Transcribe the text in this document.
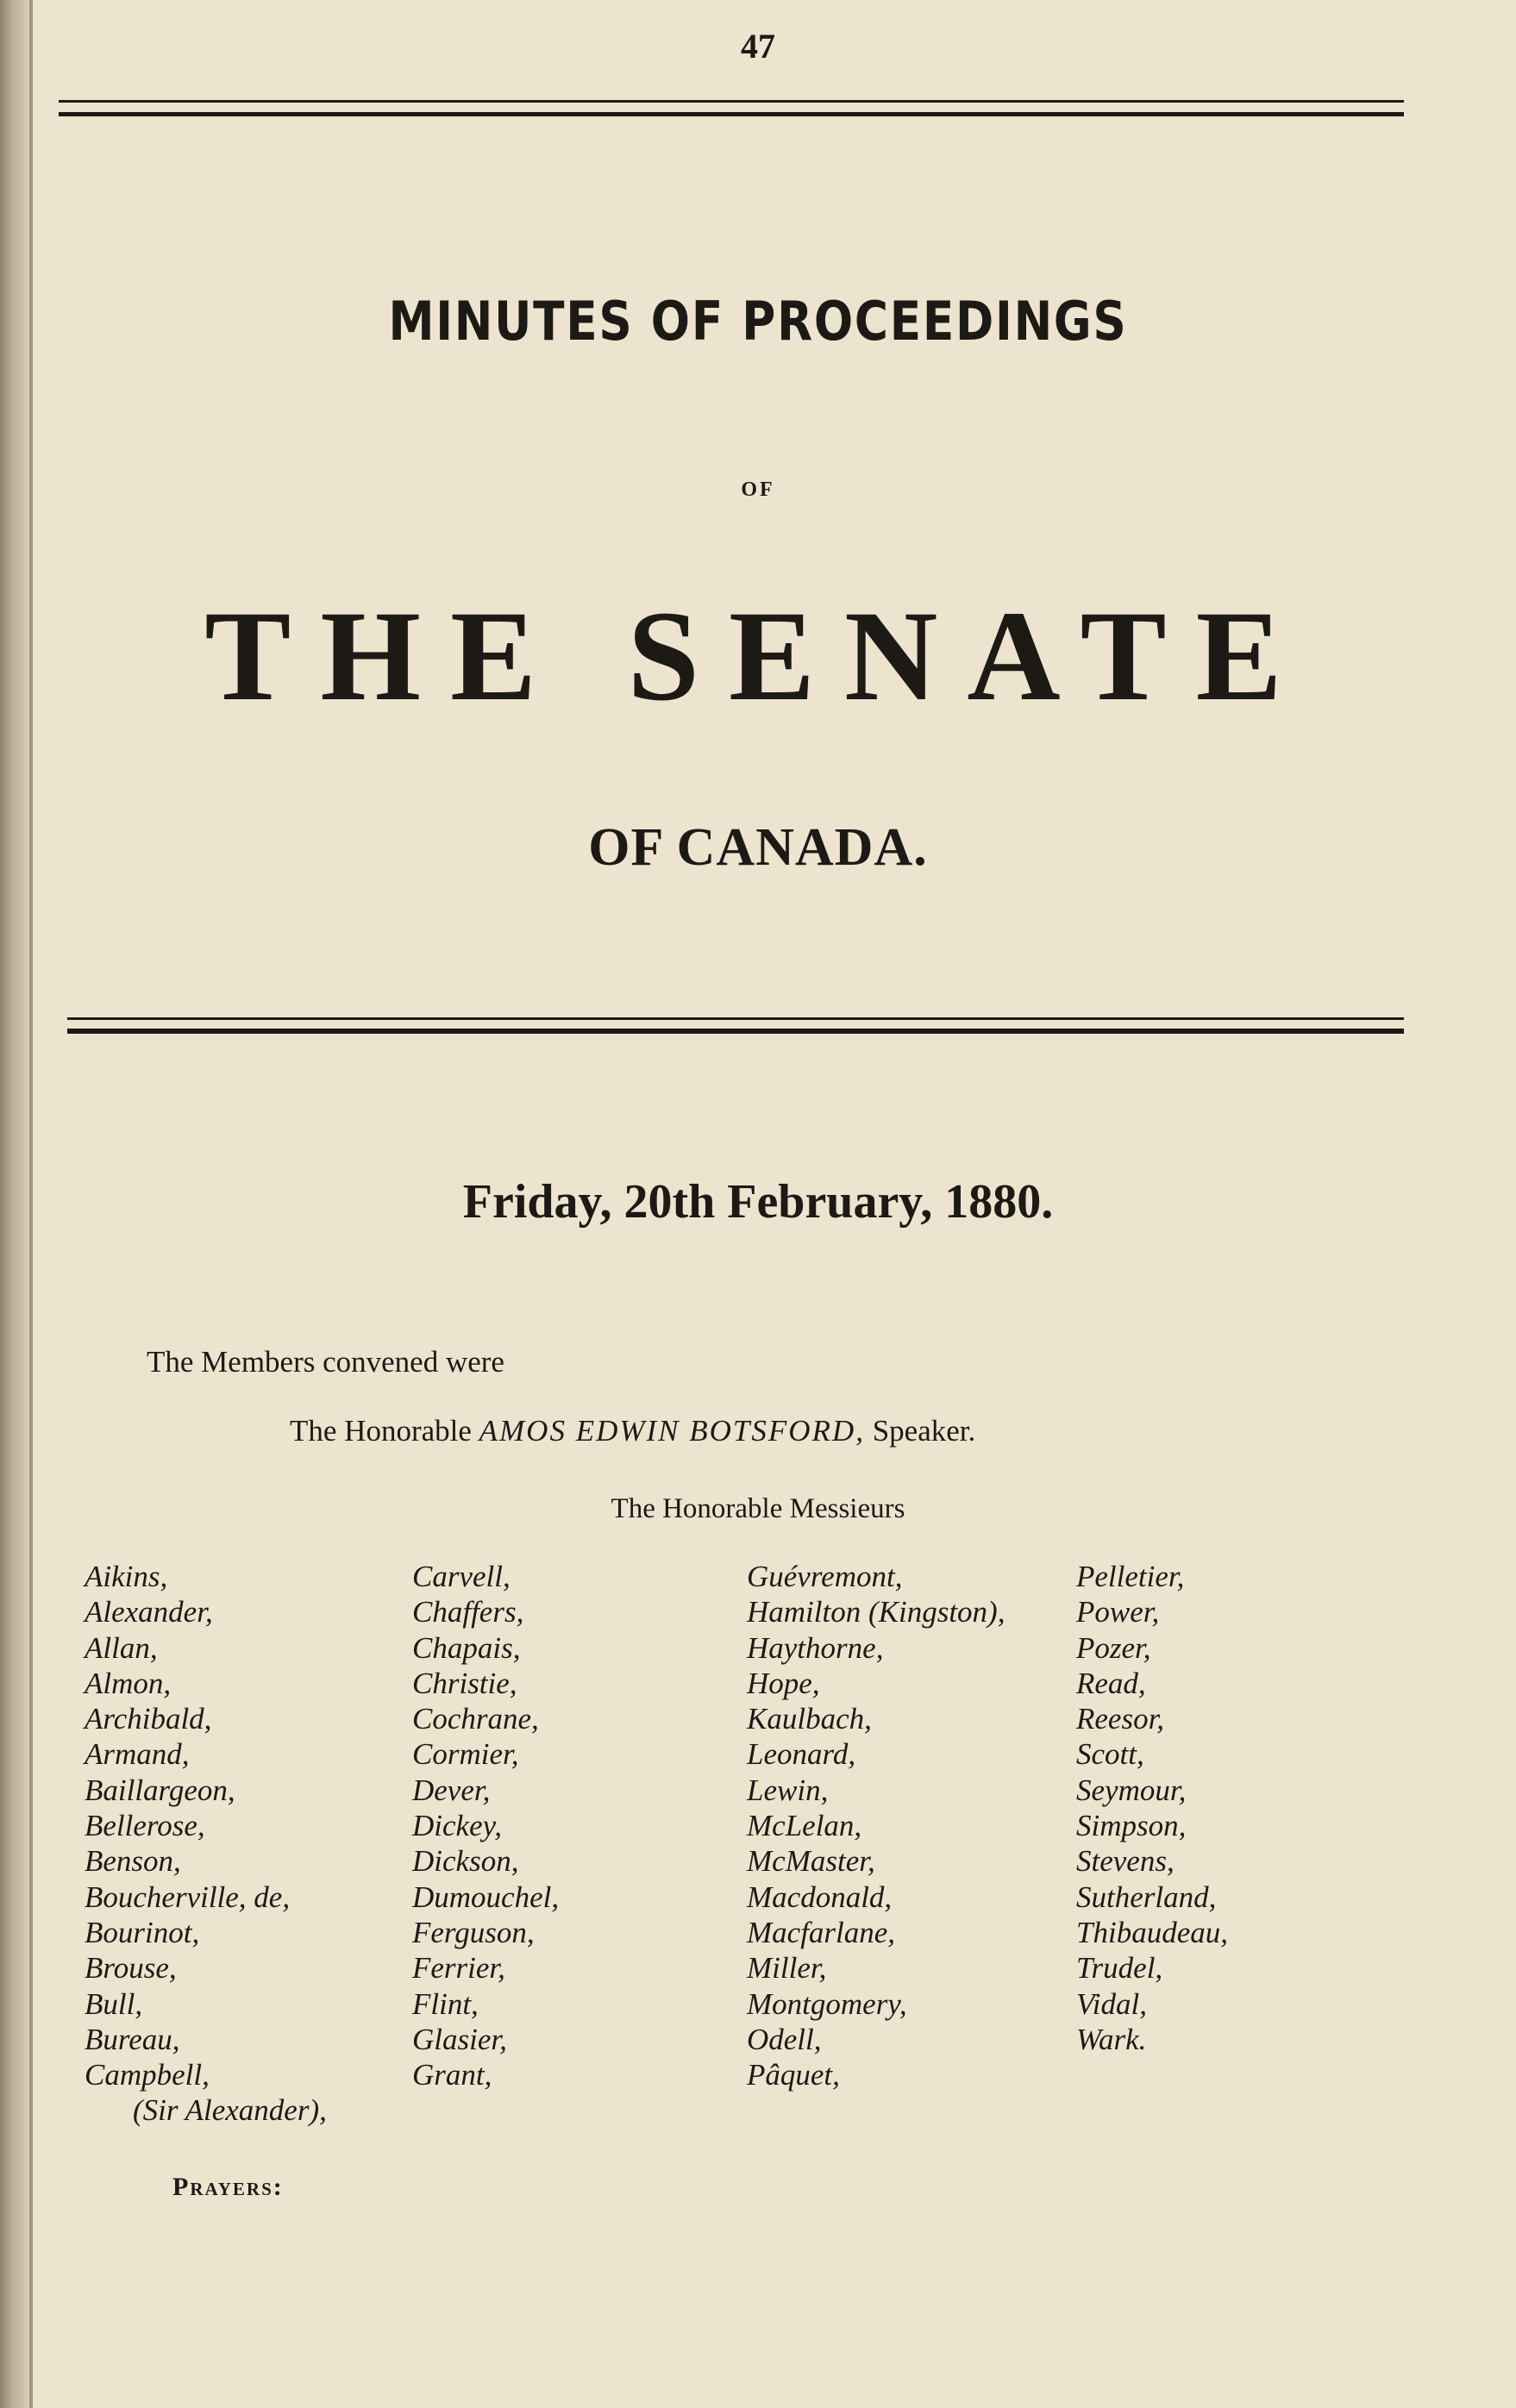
47
MINUTES OF PROCEEDINGS
OF
THE SENATE
OF CANADA.
Friday, 20th February, 1880.
The Members convened were
The Honorable AMOS EDWIN BOTSFORD, Speaker.
The Honorable Messieurs
Aikins,
Alexander,
Allan,
Almon,
Archibald,
Armand,
Baillargeon,
Bellerose,
Benson,
Boucherville, de,
Bourinot,
Brouse,
Bull,
Bureau,
Campbell,
(Sir Alexander),
Carvell,
Chaffers,
Chapais,
Christie,
Cochrane,
Cormier,
Dever,
Dickey,
Dickson,
Dumouchel,
Ferguson,
Ferrier,
Flint,
Glasier,
Grant,
Guévremont,
Hamilton (Kingston),
Haythorne,
Hope,
Kaulbach,
Leonard,
Lewin,
McLelan,
McMaster,
Macdonald,
Macfarlane,
Miller,
Montgomery,
Odell,
Pâquet,
Pelletier,
Power,
Pozer,
Read,
Reesor,
Scott,
Seymour,
Simpson,
Stevens,
Sutherland,
Thibaudeau,
Trudel,
Vidal,
Wark.
Prayers:
